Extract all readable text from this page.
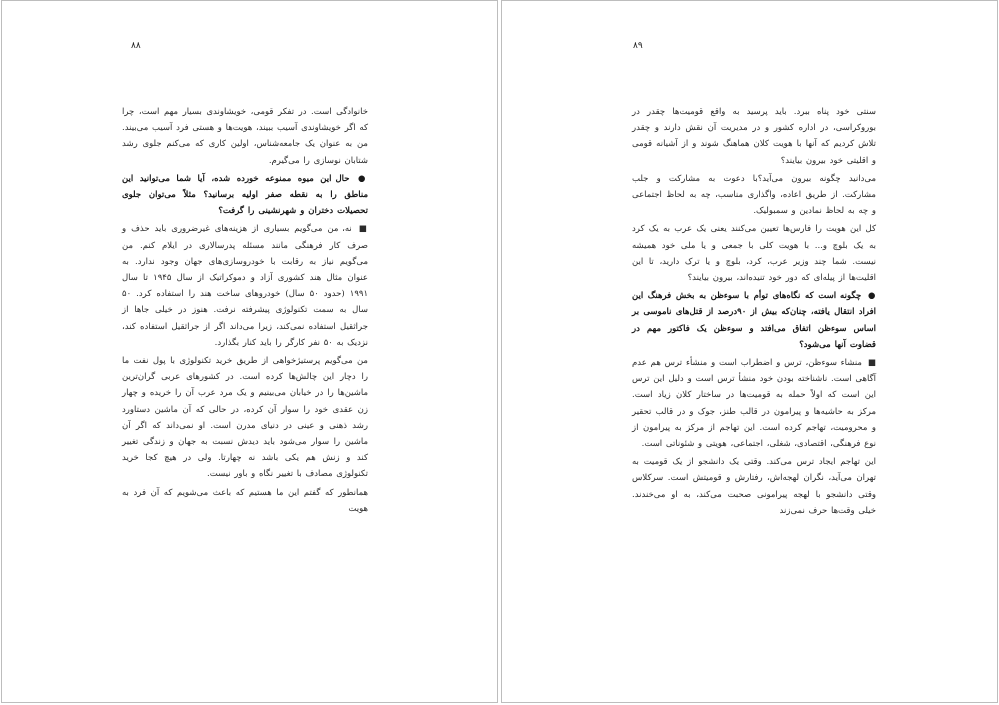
۸۹

سنتی خود پناه ببرد. باید پرسید به واقع قومیت‌ها چقدر در بوروکراسی، در اداره کشور و در مدیریت آن نقش دارند و چقدر تلاش کردیم که آنها با هویت کلان هماهنگ شوند و از آشیانه قومی و اقلیتی خود بیرون بیایند؟

می‌دانید چگونه بیرون می‌آید؟با دعوت به مشارکت و جلب مشارکت. از طریق اعاده، واگذاری مناسب، چه به لحاظ اجتماعی و چه به لحاظ نمادین و سمبولیک.

کل این هویت را فارس‌ها تعیین می‌کنند یعنی یک عرب به یک کرد به یک بلوچ و... با هویت کلی با جمعی و یا ملی خود همیشه نیست. شما چند وزیر عرب، کرد، بلوچ و یا ترک دارید، تا این اقلیت‌ها از پیله‌ای که دور خود تنیده‌اند، بیرون بیایند؟

● چگونه است که نگاه‌های توأم با سوءظن به بخش فرهنگ این افراد انتقال یافته، چنان‌که بیش از ۹۰درصد از قتل‌های ناموسی بر اساس سوءظن اتفاق می‌افتد و سوءظن یک فاکتور مهم در قضاوت آنها می‌شود؟

■ منشاء سوءظن، ترس و اضطراب است و منشأء ترس هم عدم آگاهی است. ناشناخته بودن خود منشأ ترس است و دلیل این ترس این است که اولاً حمله به قومیت‌ها در ساختار کلان زیاد است. مرکز به حاشیه‌ها و پیرامون در قالب طنز، جوک و در قالب تحقیر و محرومیت، تهاجم کرده است. این تهاجم از مرکز به پیرامون از نوع فرهنگی، اقتصادی، شغلی، اجتماعی، هویتی و شئوناتی است.

این تهاجم ایجاد ترس می‌کند. وقتی یک دانشجو از یک قومیت به تهران می‌آید، نگران لهجه‌اش، رفتارش و قومیتش است. سرکلاس وقتی دانشجو با لهجه پیرامونی صحبت می‌کند، به او می‌خندند. خیلی وقت‌ها حرف نمی‌زند

۸۸

خانوادگی است. در تفکر قومی، خویشاوندی بسیار مهم است، چرا که اگر خویشاوندی آسیب ببیند، هویت‌ها و هستی فرد آسیب می‌بیند. من به عنوان یک جامعه‌شناس، اولین کاری که می‌کنم جلوی رشد شتابان نوسازی را می‌گیرم.

● حال این میوه ممنوعه خورده شده، آیا شما می‌توانید این مناطق را به نقطه صفر اولیه برسانید؟ مثلاً می‌توان جلوی تحصیلات دختران و شهرنشینی را گرفت؟

■ نه، من می‌گویم بسیاری از هزینه‌های غیرضروری باید حذف و صرف کار فرهنگی مانند مسئله پدرسالاری در ایلام کنم. من می‌گویم نیاز به رقابت با خودروسازی‌های جهان وجود ندارد. به عنوان مثال هند کشوری آزاد و دموکراتیک از سال ۱۹۴۵ تا سال ۱۹۹۱ (حدود ۵۰ سال) خودروهای ساخت هند را استفاده کرد. ۵۰ سال به سمت تکنولوژی پیشرفته نرفت. هنوز در خیلی جاها از جراثقیل استفاده نمی‌کند، زیرا می‌داند اگر از جراثقیل استفاده کند، نزدیک به ۵۰ نفر کارگر را باید کنار بگذارد.

من می‌گویم پرستیژخواهی از طریق خرید تکنولوژی با پول نفت ما را دچار این چالش‌ها کرده است. در کشورهای عربی گران‌ترین ماشین‌ها را در خیابان می‌بینیم و یک مرد عرب آن را خریده و چهار زن عقدی خود را سوار آن کرده، در حالی که آن ماشین دستاورد رشد ذهنی و عینی در دنیای مدرن است. او نمی‌داند که اگر آن ماشین را سوار می‌شود باید دیدش نسبت به جهان و زندگی تغییر کند و زنش هم یکی باشد نه چهارتا. ولی در هیچ کجا خرید تکنولوژی مصادف با تغییر نگاه و باور نیست.

همانطور که گفتم این ما هستیم که باعث می‌شویم که آن فرد به هویت
